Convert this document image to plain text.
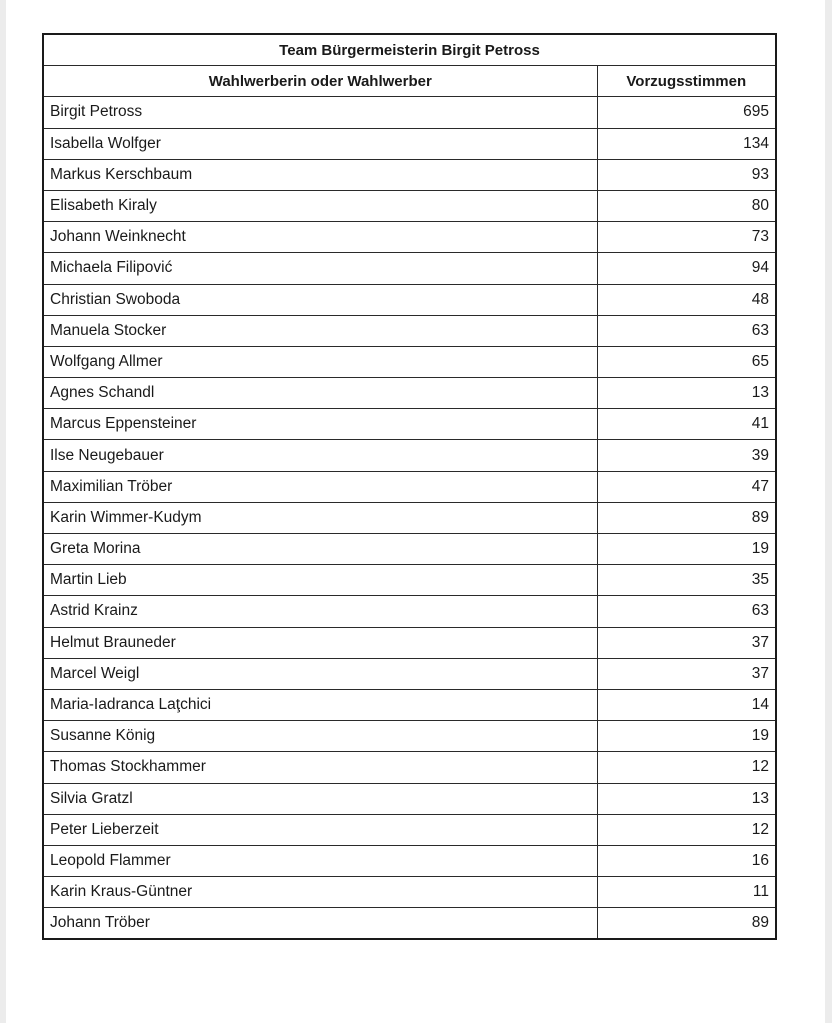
Team Bürgermeisterin Birgit Petross	
Wahlwerberin oder Wahlwerber	Vorzugsstimmen
Birgit Petross	695
Isabella Wolfger	134
Markus Kerschbaum	93
Elisabeth Kiraly	80
Johann Weinknecht	73
Michaela Filipović	94
Christian Swoboda	48
Manuela Stocker	63
Wolfgang Allmer	65
Agnes Schandl	13
Marcus Eppensteiner	41
Ilse Neugebauer	39
Maximilian Tröber	47
Karin Wimmer-Kudym	89
Greta Morina	19
Martin Lieb	35
Astrid Krainz	63
Helmut Brauneder	37
Marcel Weigl	37
Maria-Iadranca Laţchici	14
Susanne König	19
Thomas Stockhammer	12
Silvia Gratzl	13
Peter Lieberzeit	12
Leopold Flammer	16
Karin Kraus-Güntner	11
Johann Tröber	89
